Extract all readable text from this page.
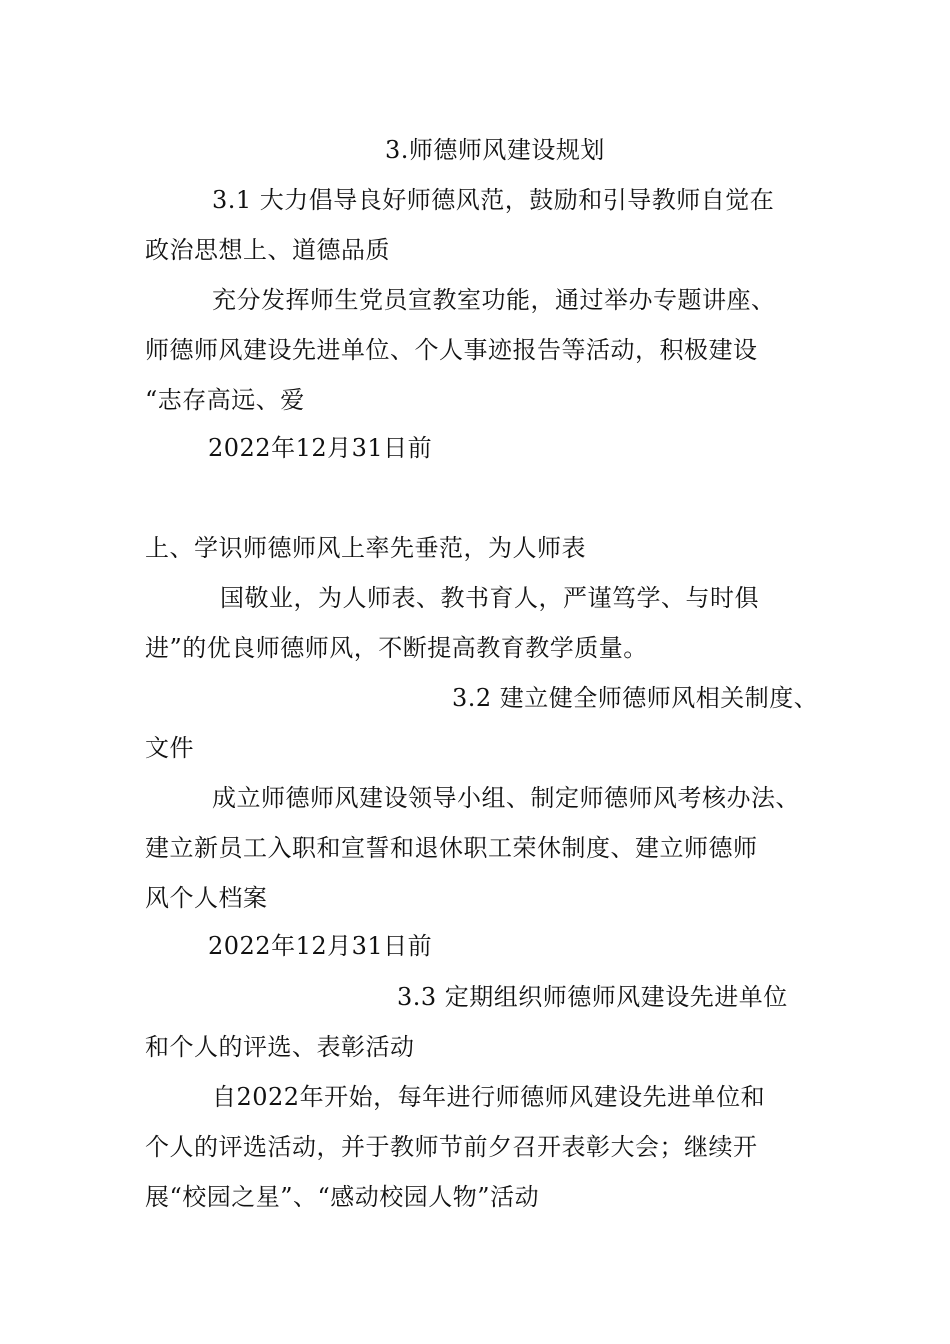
3.师德师风建设规划
3.1 大力倡导良好师德风范，鼓励和引导教师自觉在
政治思想上、道德品质
充分发挥师生党员宣教室功能，通过举办专题讲座、
师德师风建设先进单位、个人事迹报告等活动，积极建设
“志存高远、爱
2022年12月31日前
上、学识师德师风上率先垂范，为人师表
国敬业，为人师表、教书育人，严谨笃学、与时俱
进”的优良师德师风，不断提高教育教学质量。
3.2 建立健全师德师风相关制度、
文件
成立师德师风建设领导小组、制定师德师风考核办法、
建立新员工入职和宣誓和退休职工荣休制度、建立师德师
风个人档案
2022年12月31日前
3.3 定期组织师德师风建设先进单位
和个人的评选、表彰活动
自2022年开始，每年进行师德师风建设先进单位和
个人的评选活动，并于教师节前夕召开表彰大会；继续开
展“校园之星”、“感动校园人物”活动
